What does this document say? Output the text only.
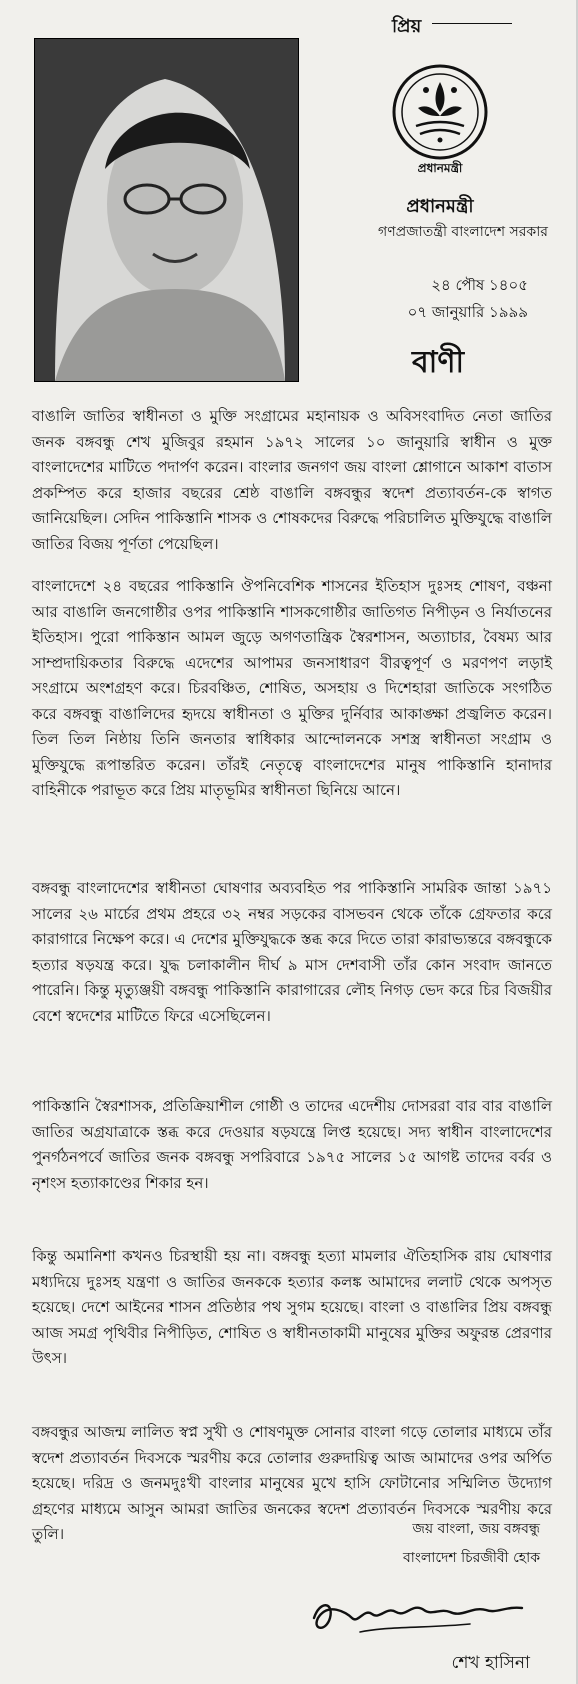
প্রিয়
প্রধানমন্ত্রী
প্রধানমন্ত্রী
গণপ্রজাতন্ত্রী বাংলাদেশ সরকার
২৪ পৌষ ১৪০৫
০৭ জানুয়ারি ১৯৯৯
বাণী

বাঙালি জাতির স্বাধীনতা ও মুক্তি সংগ্রামের মহানায়ক ও অবিসংবাদিত নেতা জাতির জনক বঙ্গবন্ধু শেখ মুজিবুর রহমান ১৯৭২ সালের ১০ জানুয়ারি স্বাধীন ও মুক্ত বাংলাদেশের মাটিতে পদার্পণ করেন। বাংলার জনগণ জয় বাংলা শ্লোগানে আকাশ বাতাস প্রকম্পিত করে হাজার বছরের শ্রেষ্ঠ বাঙালি বঙ্গবন্ধুর স্বদেশ প্রত্যাবর্তন-কে স্বাগত জানিয়েছিল। সেদিন পাকিস্তানি শাসক ও শোষকদের বিরুদ্ধে পরিচালিত মুক্তিযুদ্ধে বাঙালি জাতির বিজয় পূর্ণতা পেয়েছিল।

বাংলাদেশে ২৪ বছরের পাকিস্তানি ঔপনিবেশিক শাসনের ইতিহাস দুঃসহ শোষণ, বঞ্চনা আর বাঙালি জনগোষ্ঠীর ওপর পাকিস্তানি শাসকগোষ্ঠীর জাতিগত নিপীড়ন ও নির্যাতনের ইতিহাস। পুরো পাকিস্তান আমল জুড়ে অগণতান্ত্রিক স্বৈরশাসন, অত্যাচার, বৈষম্য আর সাম্প্রদায়িকতার বিরুদ্ধে এদেশের আপামর জনসাধারণ বীরত্বপূর্ণ ও মরণপণ লড়াই সংগ্রামে অংশগ্রহণ করে। চিরবঞ্চিত, শোষিত, অসহায় ও দিশেহারা জাতিকে সংগঠিত করে বঙ্গবন্ধু বাঙালিদের হৃদয়ে স্বাধীনতা ও মুক্তির দুর্নিবার আকাঙ্ক্ষা প্রজ্বলিত করেন। তিল তিল নিষ্ঠায় তিনি জনতার স্বাধিকার আন্দোলনকে সশস্ত্র স্বাধীনতা সংগ্রাম ও মুক্তিযুদ্ধে রূপান্তরিত করেন। তাঁরই নেতৃত্বে বাংলাদেশের মানুষ পাকিস্তানি হানাদার বাহিনীকে পরাভূত করে প্রিয় মাতৃভূমির স্বাধীনতা ছিনিয়ে আনে।

বঙ্গবন্ধু বাংলাদেশের স্বাধীনতা ঘোষণার অব্যবহিত পর পাকিস্তানি সামরিক জান্তা ১৯৭১ সালের ২৬ মার্চের প্রথম প্রহরে ৩২ নম্বর সড়কের বাসভবন থেকে তাঁকে গ্রেফতার করে কারাগারে নিক্ষেপ করে। এ দেশের মুক্তিযুদ্ধকে স্তব্ধ করে দিতে তারা কারাভ্যন্তরে বঙ্গবন্ধুকে হত্যার ষড়যন্ত্র করে। যুদ্ধ চলাকালীন দীর্ঘ ৯ মাস দেশবাসী তাঁর কোন সংবাদ জানতে পারেনি। কিন্তু মৃত্যুঞ্জয়ী বঙ্গবন্ধু পাকিস্তানি কারাগারের লৌহ নিগড় ভেদ করে চির বিজয়ীর বেশে স্বদেশের মাটিতে ফিরে এসেছিলেন।

পাকিস্তানি স্বৈরশাসক, প্রতিক্রিয়াশীল গোষ্ঠী ও তাদের এদেশীয় দোসররা বার বার বাঙালি জাতির অগ্রযাত্রাকে স্তব্ধ করে দেওয়ার ষড়যন্ত্রে লিপ্ত হয়েছে। সদ্য স্বাধীন বাংলাদেশের পুনর্গঠনপর্বে জাতির জনক বঙ্গবন্ধু সপরিবারে ১৯৭৫ সালের ১৫ আগষ্ট তাদের বর্বর ও নৃশংস হত্যাকাণ্ডের শিকার হন।

কিন্তু অমানিশা কখনও চিরস্থায়ী হয় না। বঙ্গবন্ধু হত্যা মামলার ঐতিহাসিক রায় ঘোষণার মধ্যদিয়ে দুঃসহ যন্ত্রণা ও জাতির জনককে হত্যার কলঙ্ক আমাদের ললাট থেকে অপসৃত হয়েছে। দেশে আইনের শাসন প্রতিষ্ঠার পথ সুগম হয়েছে। বাংলা ও বাঙালির প্রিয় বঙ্গবন্ধু আজ সমগ্র পৃথিবীর নিপীড়িত, শোষিত ও স্বাধীনতাকামী মানুষের মুক্তির অফুরন্ত প্রেরণার উৎস।

বঙ্গবন্ধুর আজন্ম লালিত স্বপ্ন সুখী ও শোষণমুক্ত সোনার বাংলা গড়ে তোলার মাধ্যমে তাঁর স্বদেশ প্রত্যাবর্তন দিবসকে স্মরণীয় করে তোলার গুরুদায়িত্ব আজ আমাদের ওপর অর্পিত হয়েছে। দরিদ্র ও জনমদুঃখী বাংলার মানুষের মুখে হাসি ফোটানোর সম্মিলিত উদ্যোগ গ্রহণের মাধ্যমে আসুন আমরা জাতির জনকের স্বদেশ প্রত্যাবর্তন দিবসকে স্মরণীয় করে তুলি।	জয় বাংলা, জয় বঙ্গবন্ধু
বাংলাদেশ চিরজীবী হোক
শেখ হাসিনা
